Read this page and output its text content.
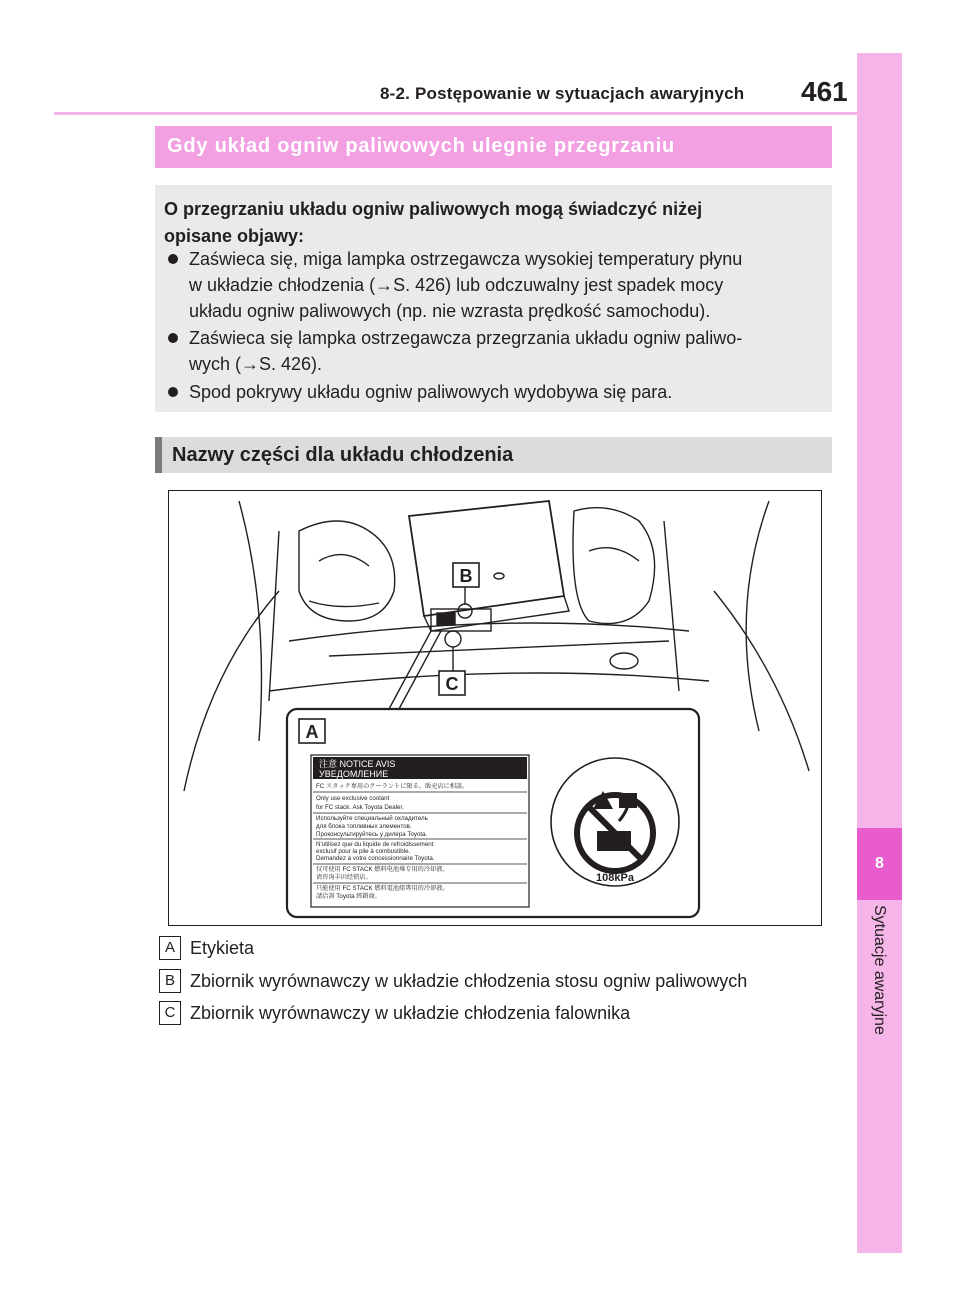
8
Sytuacje awaryjne
8-2. Postępowanie w sytuacjach awaryjnych 461
Gdy układ ogniw paliwowych ulegnie przegrzaniu
O przegrzaniu układu ogniw paliwowych mogą świadczyć niżej
opisane objawy:
Zaświeca się, miga lampka ostrzegawcza wysokiej temperatury płynu
w układzie chłodzenia (→S. 426) lub odczuwalny jest spadek mocy
układu ogniw paliwowych (np. nie wzrasta prędkość samochodu).
Zaświeca się lampka ostrzegawcza przegrzania układu ogniw paliwo-
wych (→S. 426).
Spod pokrywy układu ogniw paliwowych wydobywa się para.
Nazwy części dla układu chłodzenia
B
C
A
注意 NOTICE AVIS
УВЕДОМЛЕНИЕ
FC スタック専用のクーラントに限る。販売店に相談。
Only use exclusive coolant
for FC stack. Ask Toyota Dealer.
Используйте специальный охладитель
для блока топливных элементов.
Проконсультируйтесь у дилера Toyota.
N'utilisez que du liquide de refroidissement
exclusif pour la pile à combustible.
Demandez à votre concessionnaire Toyota.
仅可使用 FC STACK 燃料电池堆专用的冷却液。
请咨询丰田经销店。
只能使用 FC STACK 燃料電池組專用的冷卻液。
請洽詢 Toyota 經銷商。
108kPa
A Etykieta
B Zbiornik wyrównawczy w układzie chłodzenia stosu ogniw paliwowych
C Zbiornik wyrównawczy w układzie chłodzenia falownika
